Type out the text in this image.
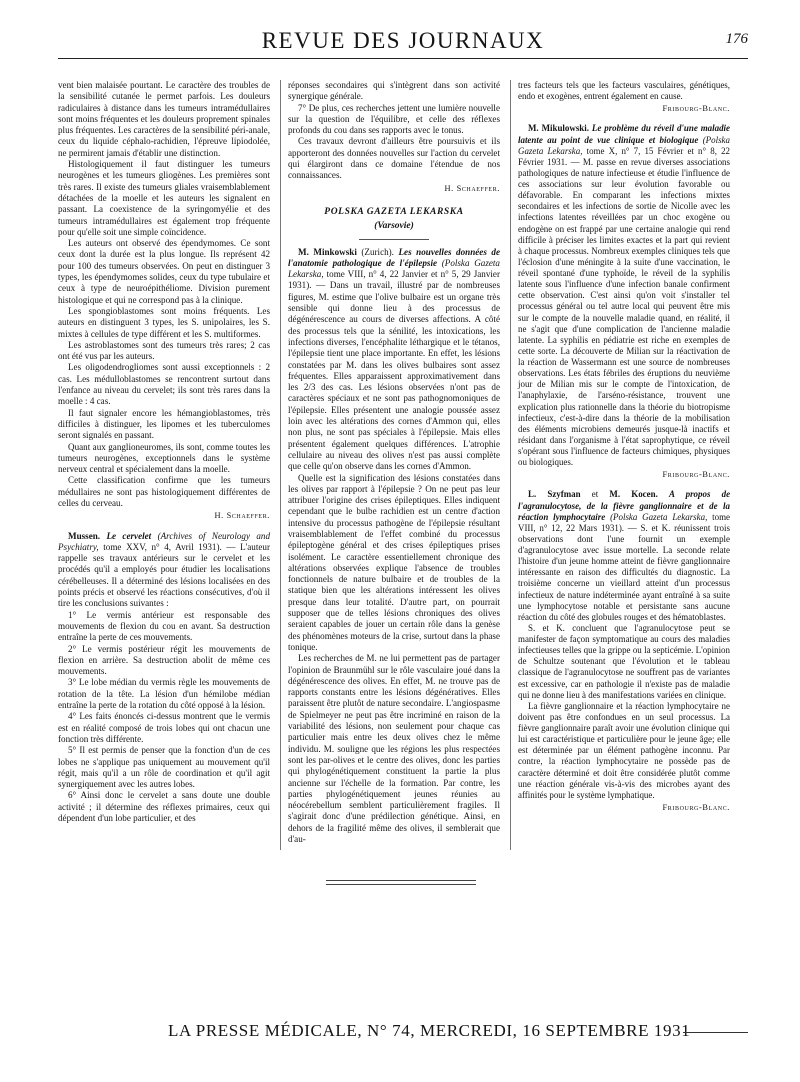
REVUE DES JOURNAUX	176

vent bien malaisée pourtant. Le caractère des troubles de la sensibilité cutanée le permet parfois. Les douleurs radiculaires à distance dans les tumeurs intramédullaires sont moins fréquentes et les douleurs proprement spinales plus fréquentes. Les caractères de la sensibilité péri-anale, ceux du liquide céphalo-rachidien, l'épreuve lipiodolée, ne permirent jamais d'établir une distinction.

Histologiquement il faut distinguer les tumeurs neurogènes et les tumeurs gliogènes. Les premières sont très rares. Il existe des tumeurs gliales vraisemblablement détachées de la moelle et les auteurs les signalent en passant. La coexistence de la syringomyélie et des tumeurs intramédullaires est également trop fréquente pour qu'elle soit une simple coïncidence.

Les auteurs ont observé des épendymomes. Ce sont ceux dont la durée est la plus longue. Ils représent 42 pour 100 des tumeurs observées. On peut en distinguer 3 types, les épendymomes solides, ceux du type tubulaire et ceux à type de neuroépithéliome. Division purement histologique et qui ne correspond pas à la clinique.

Les spongioblastomes sont moins fréquents. Les auteurs en distinguent 3 types, les S. unipolaires, les S. mixtes à cellules de type différent et les S. multiformes.

Les astroblastomes sont des tumeurs très rares; 2 cas ont été vus par les auteurs.

Les oligodendrogliomes sont aussi exceptionnels : 2 cas. Les médulloblastomes se rencontrent surtout dans l'enfance au niveau du cervelet; ils sont très rares dans la moelle : 4 cas.

Il faut signaler encore les hémangioblastomes, très difficiles à distinguer, les lipomes et les tuberculomes seront signalés en passant.

Quant aux ganglioneuromes, ils sont, comme toutes les tumeurs neurogènes, exceptionnels dans le système nerveux central et spécialement dans la moelle.

Cette classification confirme que les tumeurs médullaires ne sont pas histologiquement différentes de celles du cerveau.

H. Schaeffer.

Mussen. Le cervelet (Archives of Neurology and Psychiatry, tome XXV, n° 4, Avril 1931). — L'auteur rappelle ses travaux antérieurs sur le cervelet et les procédés qu'il a employés pour étudier les localisations cérébelleuses. Il a déterminé des lésions localisées en des points précis et observé les réactions consécutives, d'où il tire les conclusions suivantes :

1° Le vermis antérieur est responsable des mouvements de flexion du cou en avant. Sa destruction entraîne la perte de ces mouvements.

2° Le vermis postérieur régit les mouvements de flexion en arrière. Sa destruction abolit de même ces mouvements.

3° Le lobe médian du vermis règle les mouvements de rotation de la tête. La lésion d'un hémilobe médian entraîne la perte de la rotation du côté opposé à la lésion.

4° Les faits énoncés ci-dessus montrent que le vermis est en réalité composé de trois lobes qui ont chacun une fonction très différente.

5° Il est permis de penser que la fonction d'un de ces lobes ne s'applique pas uniquement au mouvement qu'il régit, mais qu'il a un rôle de coordination et qu'il agit synergiquement avec les autres lobes.

6° Ainsi donc le cervelet a sans doute une double activité ; il détermine des réflexes primaires, ceux qui dépendent d'un lobe particulier, et des

réponses secondaires qui s'intègrent dans son activité synergique générale.

7° De plus, ces recherches jettent une lumière nouvelle sur la question de l'équilibre, et celle des réflexes profonds du cou dans ses rapports avec le tonus.

Ces travaux devront d'ailleurs être poursuivis et ils apporteront des données nouvelles sur l'action du cervelet qui élargiront dans ce domaine l'étendue de nos connaissances.

H. Schaeffer.
POLSKA GAZETA LEKARSKA
(Varsovie)

M. Minkowski (Zurich). Les nouvelles données de l'anatomie pathologique de l'épilepsie (Polska Gazeta Lekarska, tome VIII, n° 4, 22 Janvier et n° 5, 29 Janvier 1931). — Dans un travail, illustré par de nombreuses figures, M. estime que l'olive bulbaire est un organe très sensible qui donne lieu à des processus de dégénérescence au cours de diverses affections. A côté des processus tels que la sénilité, les intoxications, les infections diverses, l'encéphalite léthargique et le tétanos, l'épilepsie tient une place importante. En effet, les lésions constatées par M. dans les olives bulbaires sont assez fréquentes. Elles apparaissent approximativement dans les 2/3 des cas. Les lésions observées n'ont pas de caractères spéciaux et ne sont pas pathognomoniques de l'épilepsie. Elles présentent une analogie poussée assez loin avec les altérations des cornes d'Ammon qui, elles non plus, ne sont pas spéciales à l'épilepsie. Mais elles présentent également quelques différences. L'atrophie cellulaire au niveau des olives n'est pas aussi complète que celle qu'on observe dans les cornes d'Ammon.

Quelle est la signification des lésions constatées dans les olives par rapport à l'épilepsie ? On ne peut pas leur attribuer l'origine des crises épileptiques. Elles indiquent cependant que le bulbe rachidien est un centre d'action intensive du processus pathogène de l'épilepsie résultant vraisemblablement de l'effet combiné du processus épileptogène général et des crises épileptiques prises isolément. Le caractère essentiellement chronique des altérations observées explique l'absence de troubles fonctionnels de nature bulbaire et de troubles de la statique bien que les altérations intéressent les olives presque dans leur totalité. D'autre part, on pourrait supposer que de telles lésions chroniques des olives seraient capables de jouer un certain rôle dans la genèse des phénomènes moteurs de la crise, surtout dans la phase tonique.

Les recherches de M. ne lui permettent pas de partager l'opinion de Braunmühl sur le rôle vasculaire joué dans la dégénérescence des olives. En effet, M. ne trouve pas de rapports constants entre les lésions dégénératives. Elles paraissent être plutôt de nature secondaire. L'angiospasme de Spielmeyer ne peut pas être incriminé en raison de la variabilité des lésions, non seulement pour chaque cas particulier mais entre les deux olives chez le même individu. M. souligne que les régions les plus respectées sont les par-olives et le centre des olives, donc les parties qui phylogénétiquement constituent la partie la plus ancienne sur l'échelle de la formation. Par contre, les parties phylogénétiquement jeunes réunies au néocérebellum semblent particulièrement fragiles. Il s'agirait donc d'une prédilection génétique. Ainsi, en dehors de la fragilité même des olives, il semblerait que d'au-

tres facteurs tels que les facteurs vasculaires, génétiques, endo et exogènes, entrent également en cause.

Fribourg-Blanc.

M. Mikulowski. Le problème du réveil d'une maladie latente au point de vue clinique et biologique (Polska Gazeta Lekarska, tome X, n° 7, 15 Février et n° 8, 22 Février 1931. — M. passe en revue diverses associations pathologiques de nature infectieuse et étudie l'influence de ces associations sur leur évolution favorable ou défavorable. En comparant les infections mixtes secondaires et les infections de sortie de Nicolle avec les infections latentes réveillées par un choc exogène ou endogène on est frappé par une certaine analogie qui rend difficile à préciser les limites exactes et la part qui revient à chaque processus. Nombreux exemples cliniques tels que l'éclosion d'une méningite à la suite d'une vaccination, le réveil spontané d'une typhoïde, le réveil de la syphilis latente sous l'influence d'une infection banale confirment cette observation. C'est ainsi qu'on voit s'installer tel processus général ou tel autre local qui peuvent être mis sur le compte de la nouvelle maladie quand, en réalité, il ne s'agit que d'une complication de l'ancienne maladie latente. La syphilis en pédiatrie est riche en exemples de cette sorte. La découverte de Milian sur la réactivation de la réaction de Wassermann est une source de nombreuses observations. Les états fébriles des éruptions du neuvième jour de Milian mis sur le compte de l'intoxication, de l'anaphylaxie, de l'arséno-résistance, trouvent une explication plus rationnelle dans la théorie du biotropisme infectieux, c'est-à-dire dans la théorie de la mobilisation des éléments microbiens demeurés jusque-là inactifs et résidant dans l'organisme à l'état saprophytique, ce réveil s'opérant sous l'influence de facteurs chimiques, physiques ou biologiques.

Fribourg-Blanc.

L. Szyfman et M. Kocen. A propos de l'agranulocytose, de la fièvre ganglionnaire et de la réaction lymphocytaire (Polska Gazeta Lekarska, tome VIII, n° 12, 22 Mars 1931). — S. et K. réunissent trois observations dont l'une fournit un exemple d'agranulocytose avec issue mortelle. La seconde relate l'histoire d'un jeune homme atteint de fièvre ganglionnaire intéressante en raison des difficultés du diagnostic. La troisième concerne un vieillard atteint d'un processus infectieux de nature indéterminée ayant entraîné à sa suite une lymphocytose notable et persistante sans aucune réaction du côté des globules rouges et des hématoblastes.

S. et K. concluent que l'agranulocytose peut se manifester de façon symptomatique au cours des maladies infectieuses telles que la grippe ou la septicémie. L'opinion de Schultze soutenant que l'évolution et le tableau classique de l'agranulocytose ne souffrent pas de variantes est excessive, car en pathologie il n'existe pas de maladie qui ne donne lieu à des manifestations variées en clinique.

La fièvre ganglionnaire et la réaction lymphocytaire ne doivent pas être confondues en un seul processus. La fièvre ganglionnaire paraît avoir une évolution clinique qui lui est caractéristique et particulière pour le jeune âge; elle est déterminée par un élément pathogène inconnu. Par contre, la réaction lymphocytaire ne possède pas de caractère déterminé et doit être considérée plutôt comme une réaction générale vis-à-vis des microbes ayant des affinités pour le système lymphatique.

Fribourg-Blanc.
LA PRESSE MÉDICALE, N° 74, MERCREDI, 16 SEPTEMBRE 1931
